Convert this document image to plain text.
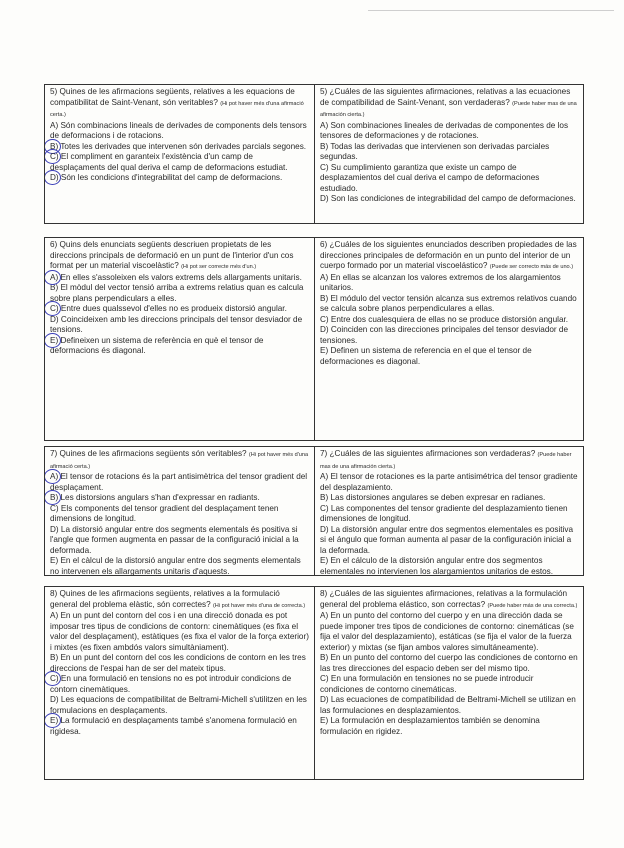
5) Quines de les afirmacions següents, relatives a les equacions de compatibilitat de Saint-Venant, són veritables? (Hi pot haver més d'una afirmació certa.)

A) Són combinacions lineals de derivades de components dels tensors de deformacions i de rotacions.

B) Totes les derivades que intervenen són derivades parcials segones.

C) El compliment en garanteix l'existència d'un camp de desplaçaments del qual deriva el camp de deformacions estudiat.

D) Són les condicions d'integrabilitat del camp de deformacions.

5) ¿Cuáles de las siguientes afirmaciones, relativas a las ecuaciones de compatibilidad de Saint-Venant, son verdaderas? (Puede haber mas de una afirmación cierta.)

A) Son combinaciones lineales de derivadas de componentes de los tensores de deformaciones y de rotaciones.

B) Todas las derivadas que intervienen son derivadas parciales segundas.

C) Su cumplimiento garantiza que existe un campo de desplazamientos del cual deriva el campo de deformaciones estudiado.

D) Son las condiciones de integrabilidad del campo de deformaciones.

6) Quins dels enunciats següents descriuen propietats de les direccions principals de deformació en un punt de l'interior d'un cos format per un material viscoelàstic? (Hi pot ser correcte més d'un.)

A) En elles s'assoleixen els valors extrems dels allargaments unitaris.

B) El mòdul del vector tensió arriba a extrems relatius quan es calcula sobre plans perpendiculars a elles.

C) Entre dues qualssevol d'elles no es produeix distorsió angular.

D) Coincideixen amb les direccions principals del tensor desviador de tensions.

E) Defineixen un sistema de referència en què el tensor de deformacions és diagonal.

6) ¿Cuáles de los siguientes enunciados describen propiedades de las direcciones principales de deformación en un punto del interior de un cuerpo formado por un material viscoelástico? (Puede ser correcto más de uno.)

A) En ellas se alcanzan los valores extremos de los alargamientos unitarios.

B) El módulo del vector tensión alcanza sus extremos relativos cuando se calcula sobre planos perpendiculares a ellas.

C) Entre dos cualesquiera de ellas no se produce distorsión angular.

D) Coinciden con las direcciones principales del tensor desviador de tensiones.

E) Definen un sistema de referencia en el que el tensor de deformaciones es diagonal.

7) Quines de les afirmacions següents són veritables? (Hi pot haver més d'una afirmació certa.)

A) El tensor de rotacions és la part antisimètrica del tensor gradient del desplaçament.

B) Les distorsions angulars s'han d'expressar en radiants.

C) Els components del tensor gradient del desplaçament tenen dimensions de longitud.

D) La distorsió angular entre dos segments elementals és positiva si l'angle que formen augmenta en passar de la configuració inicial a la deformada.

E) En el càlcul de la distorsió angular entre dos segments elementals no intervenen els allargaments unitaris d'aquests.

7) ¿Cuáles de las siguientes afirmaciones son verdaderas? (Puede haber mas de una afirmación cierta.)

A) El tensor de rotaciones es la parte antisimétrica del tensor gradiente del desplazamiento.

B) Las distorsiones angulares se deben expresar en radianes.

C) Las componentes del tensor gradiente del desplazamiento tienen dimensiones de longitud.

D) La distorsión angular entre dos segmentos elementales es positiva si el ángulo que forman aumenta al pasar de la configuración inicial a la deformada.

E) En el cálculo de la distorsión angular entre dos segmentos elementales no intervienen los alargamientos unitarios de estos.

8) Quines de les afirmacions següents, relatives a la formulació general del problema elàstic, són correctes? (Hi pot haver més d'una de correcta.)

A) En un punt del contorn del cos i en una direcció donada es pot imposar tres tipus de condicions de contorn: cinemàtiques (es fixa el valor del desplaçament), estàtiques (es fixa el valor de la força exterior) i mixtes (es fixen ambdós valors simultàniament).

B) En un punt del contorn del cos les condicions de contorn en les tres direccions de l'espai han de ser del mateix tipus.

C) En una formulació en tensions no es pot introduir condicions de contorn cinemàtiques.

D) Les equacions de compatibilitat de Beltrami-Michell s'utilitzen en les formulacions en desplaçaments.

E) La formulació en desplaçaments també s'anomena formulació en rigidesa.

8) ¿Cuáles de las siguientes afirmaciones, relativas a la formulación general del problema elástico, son correctas? (Puede haber más de una correcta.)

A) En un punto del contorno del cuerpo y en una dirección dada se puede imponer tres tipos de condiciones de contorno: cinemáticas (se fija el valor del desplazamiento), estáticas (se fija el valor de la fuerza exterior) y mixtas (se fijan ambos valores simultáneamente).

B) En un punto del contorno del cuerpo las condiciones de contorno en las tres direcciones del espacio deben ser del mismo tipo.

C) En una formulación en tensiones no se puede introducir condiciones de contorno cinemáticas.

D) Las ecuaciones de compatibilidad de Beltrami-Michell se utilizan en las formulaciones en desplazamientos.

E) La formulación en desplazamientos también se denomina formulación en rigidez.
